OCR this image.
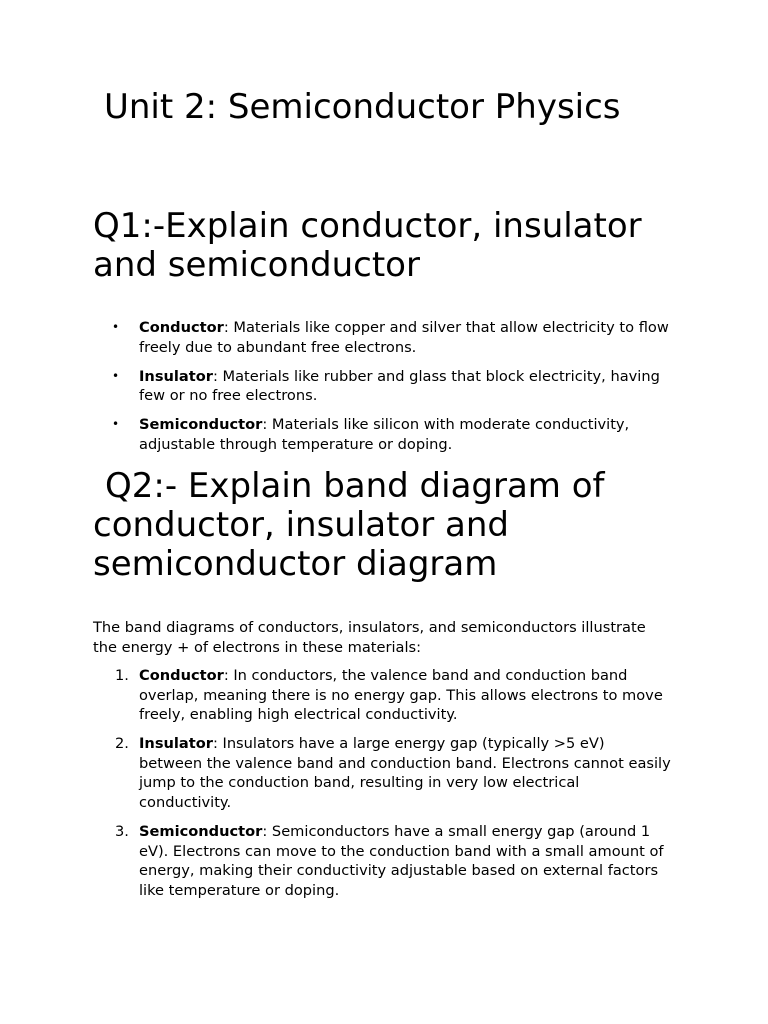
Unit 2: Semiconductor Physics
Q1:-Explain conductor, insulator and semiconductor
• Conductor: Materials like copper and silver that allow electricity to flow freely due to abundant free electrons.
• Insulator: Materials like rubber and glass that block electricity, having few or no free electrons.
• Semiconductor: Materials like silicon with moderate conductivity, adjustable through temperature or doping.
Q2:- Explain band diagram of
conductor, insulator and semiconductor diagram

The band diagrams of conductors, insulators, and semiconductors illustrate the energy + of electrons in these materials:

1. Conductor: In conductors, the valence band and conduction band overlap, meaning there is no energy gap. This allows electrons to move freely, enabling high electrical conductivity.
2. Insulator: Insulators have a large energy gap (typically >5 eV) between the valence band and conduction band. Electrons cannot easily jump to the conduction band, resulting in very low electrical conductivity.
3. Semiconductor: Semiconductors have a small energy gap (around 1 eV). Electrons can move to the conduction band with a small amount of energy, making their conductivity adjustable based on external factors like temperature or doping.
